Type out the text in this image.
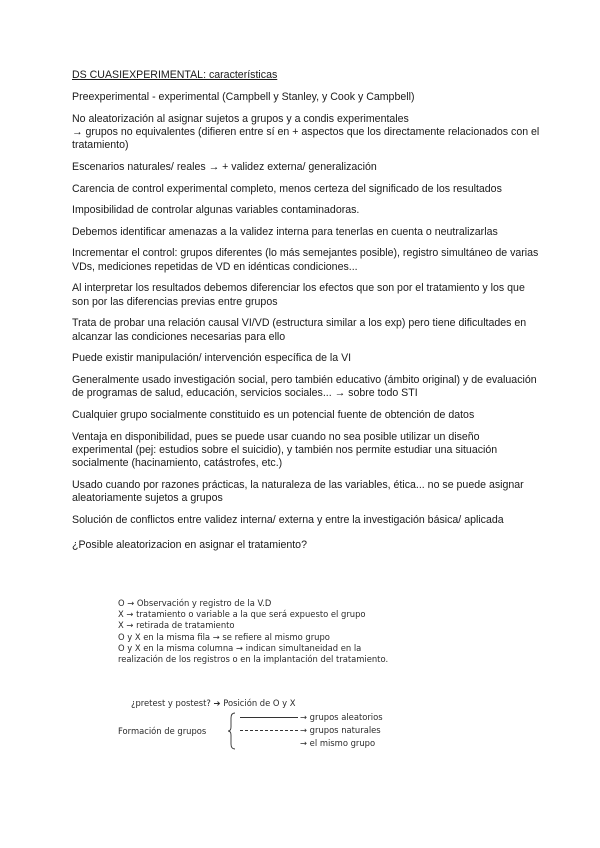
DS CUASIEXPERIMENTAL: características
Preexperimental - experimental (Campbell y Stanley, y Cook y Campbell)
No aleatorización al asignar sujetos a grupos y a condis experimentales
→ grupos no equivalentes (difieren entre sí en + aspectos que los directamente relacionados con el tratamiento)
Escenarios naturales/ reales → + validez externa/ generalización
Carencia de control experimental completo, menos certeza del significado de los resultados
Imposibilidad de controlar algunas variables contaminadoras.
Debemos identificar amenazas a la validez interna para tenerlas en cuenta o neutralizarlas
Incrementar el control: grupos diferentes (lo más semejantes posible), registro simultáneo de varias VDs, mediciones repetidas de VD en idénticas condiciones...
Al interpretar los resultados debemos diferenciar los efectos que son por el tratamiento y los que son por las diferencias previas entre grupos
Trata de probar una relación causal VI/VD (estructura similar a los exp) pero tiene dificultades en alcanzar las condiciones necesarias para ello
Puede existir manipulación/ intervención específica de la VI
Generalmente usado investigación social, pero también educativo (ámbito original) y de evaluación de programas de salud, educación, servicios sociales... → sobre todo STI
Cualquier grupo socialmente constituido es un potencial fuente de obtención de datos
Ventaja en disponibilidad, pues se puede usar cuando no sea posible utilizar un diseño experimental (pej: estudios sobre el suicidio), y también nos permite estudiar una situación socialmente (hacinamiento, catástrofes, etc.)
Usado cuando por razones prácticas, la naturaleza de las variables, ética... no se puede asignar aleatoriamente sujetos a grupos
Solución de conflictos entre validez interna/ externa y entre la investigación básica/ aplicada
¿Posible aleatorizacion en asignar el tratamiento?
O → Observación y registro de la V.D
X → tratamiento o variable a la que será expuesto el grupo
X → retirada de tratamiento
O y X en la misma fila → se refiere al mismo grupo
O y X en la misma columna → indican simultaneidad en la
realización de los registros o en la implantación del tratamiento.
¿pretest y postest? ➔ Posición de O y X
Formación de grupos
→ grupos aleatorios
→ grupos naturales
→ el mismo grupo
